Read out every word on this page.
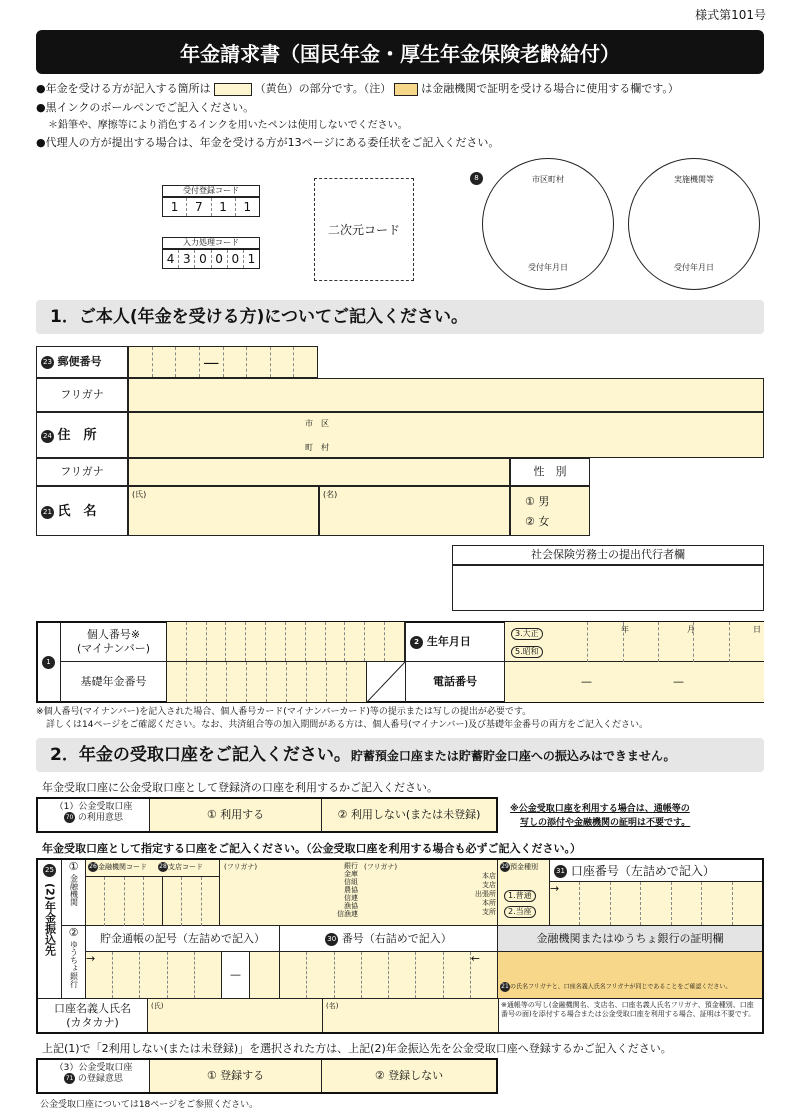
様式第101号
年金請求書（国民年金・厚生年金保険老齢給付）
●年金を受ける方が記入する箇所は	（黄色）の部分です。（注）	は金融機関で証明を受ける場合に使用する欄です。）
●黒インクのボールペンでご記入ください。
＊鉛筆や、摩擦等により消色するインクを用いたペンは使用しないでください。
●代理人の方が提出する場合は、年金を受ける方が13ページにある委任状をご記入ください。
受付登録コード
1	7	1	1
入力処理コード
4 3 0 0 0 1
二次元コード
8	市区町村
受付年月日
実施機関等
受付年月日
1．ご本人(年金を受ける方)についてご記入ください。
23 郵便番号	—
フリガナ
24 住　所
市　区
町　村
フリガナ	性　別
21 氏　名
(氏)	(名)
① 男
② 女
社会保険労務士の提出代行者欄
1
個人番号※
(マイナンバー)
基礎年金番号
2 生年月日
3.大正
5.昭和
年	月	日
電話番号	—	—
※個人番号(マイナンバー)を記入された場合、個人番号カード(マイナンバーカード)等の提示または写しの提出が必要です。
詳しくは14ページをご確認ください。なお、共済組合等の加入期間がある方は、個人番号(マイナンバー)及び基礎年金番号の両方をご記入ください。
2．年金の受取口座をご記入ください。貯蓄預金口座または貯蓄貯金口座への振込みはできません。
年金受取口座に公金受取口座として登録済の口座を利用するかご記入ください。
（1）公金受取口座
70 の利用意思	① 利用する	② 利用しない(または未登録)	※公金受取口座を利用する場合は、通帳等の
写しの添付や金融機関の証明は不要です。
年金受取口座として指定する口座をご記入ください。（公金受取口座を利用する場合も必ずご記入ください。）
25
(2)年金振込先
①
金融機関
26金融機関コード 28支店コード	(フリガナ)	(フリガナ)
銀行
金庫
信組
農協
信連
漁協
信漁連
本店
支店
出張所
本所
支所
29預金種別
1.普通
2.当座
31 口座番号（左詰めで記入）
→
②
ゆうちょ銀行
貯金通帳の記号（左詰めで記入）
→
—
30 番号（右詰めで記入）
←
金融機関またはゆうちょ銀行の証明欄
21の氏名フリガナと、口座名義人氏名フリガナが同じであることをご確認ください。
口座名義人氏名
(カタカナ)
(氏)	(名)	※通帳等の写し(金融機関名、支店名、口座名義人氏名フリガナ、預金種別、口座番号の面)を添付する場合または公金受取口座を利用する場合、証明は不要です。
上記(1)で「2利用しない(または未登録)」を選択された方は、上記(2)年金振込先を公金受取口座へ登録するかご記入ください。
（3）公金受取口座
71 の登録意思	① 登録する	② 登録しない
公金受取口座については18ページをご参照ください。
